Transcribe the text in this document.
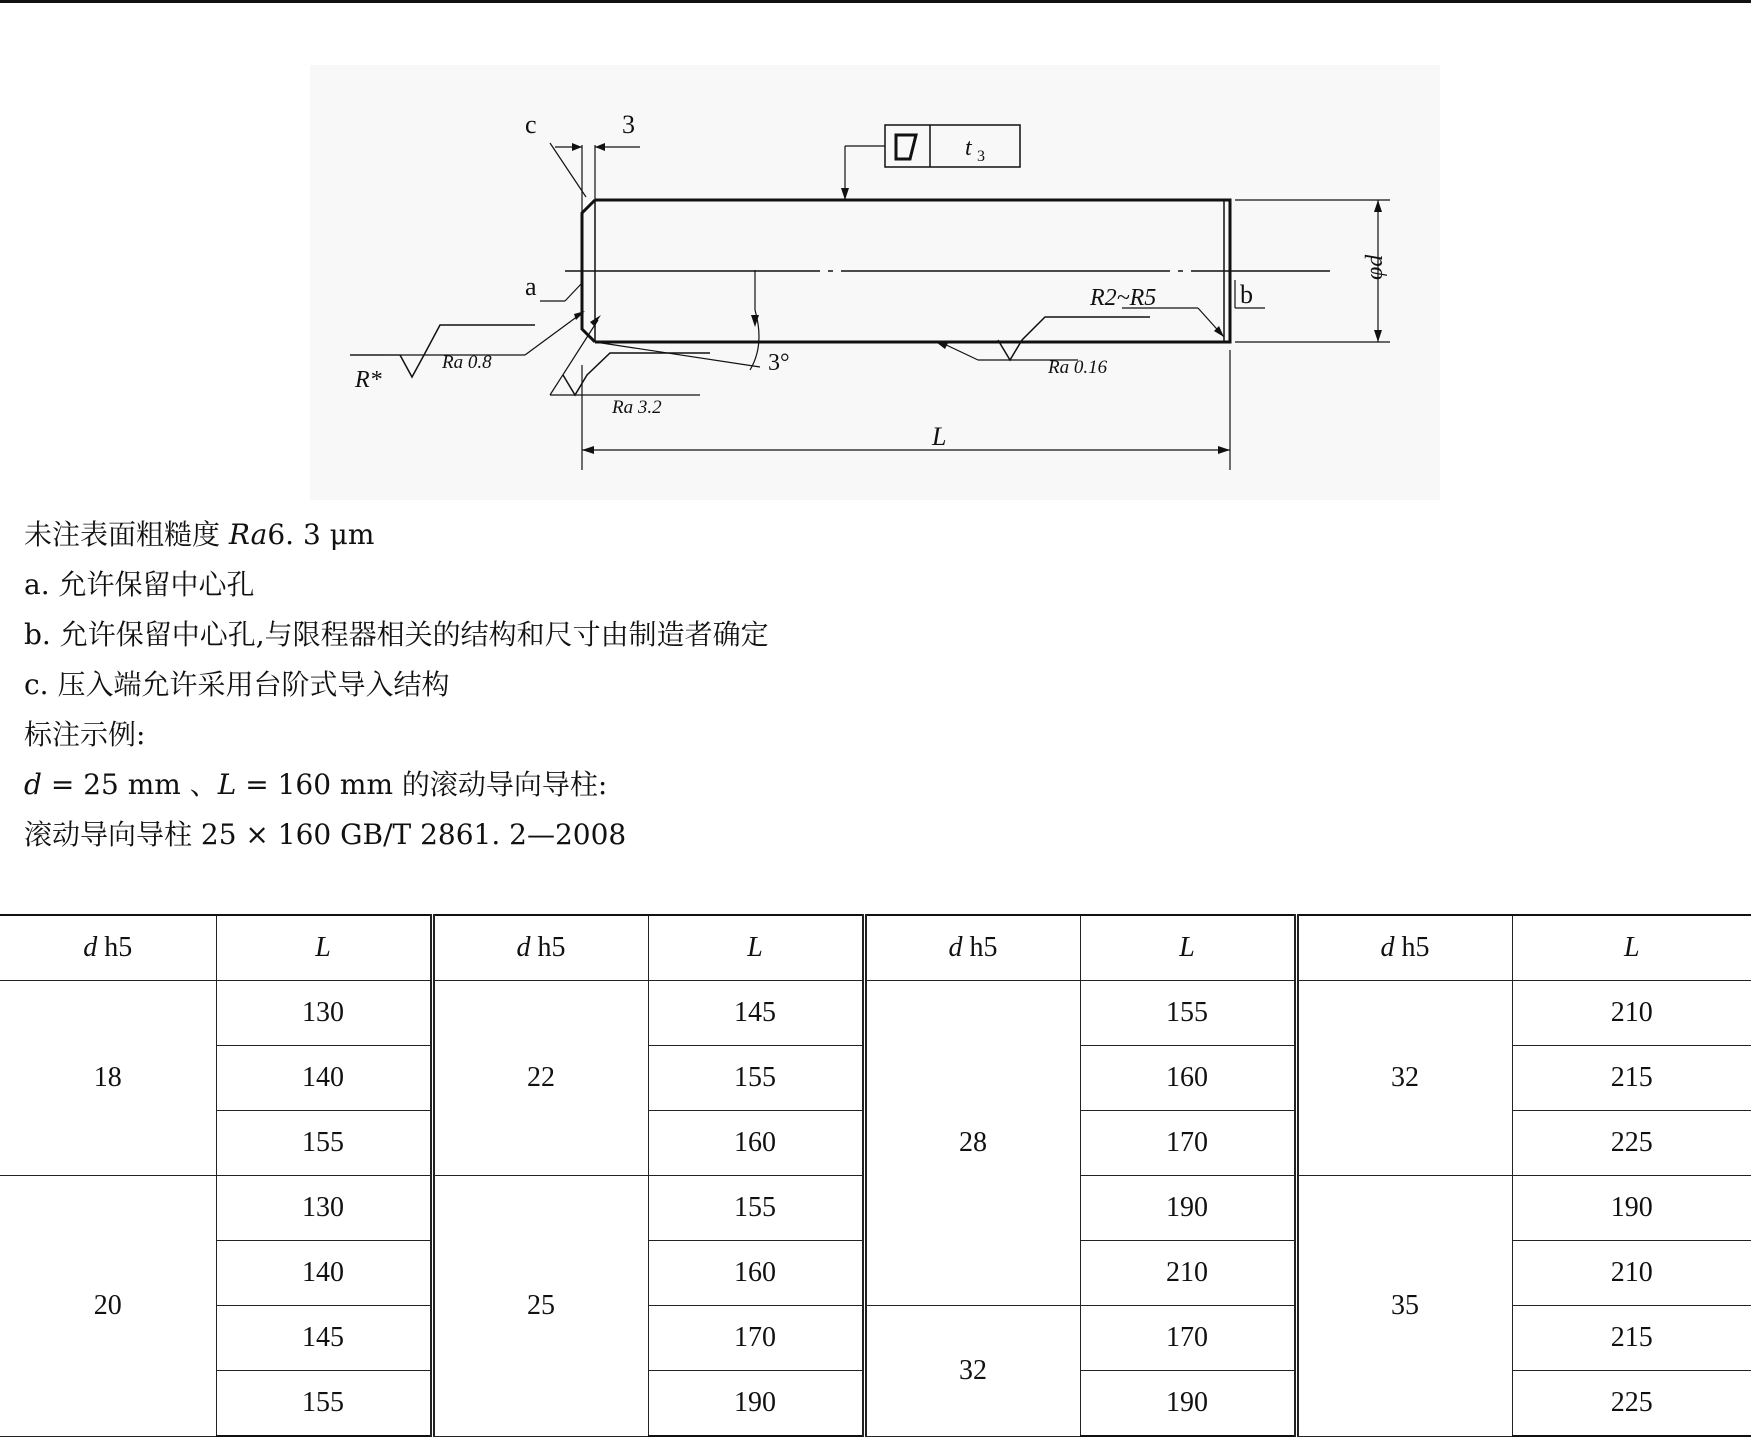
c	3
a	b
t 3
R2~R5
φd
3°
R*
Ra 0.8
Ra 3.2
Ra 0.16
L
未注表面粗糙度 Ra6. 3 μm
a. 允许保留中心孔
b. 允许保留中心孔,与限程器相关的结构和尺寸由制造者确定
c. 压入端允许采用台阶式导入结构
标注示例:
d = 25 mm 、L = 160 mm 的滚动导向导柱:
滚动导向导柱 25 × 160 GB/T 2861. 2—2008
d h5	L	d h5	L	d h5	L	d h5	L
18	130	22	145	28	155	32	210
	140		155		160		215
	155		160		170		225
20	130	25	155		190	35	190
	140		160		210		210
	145		170	32	170		215
	155		190		190		225
